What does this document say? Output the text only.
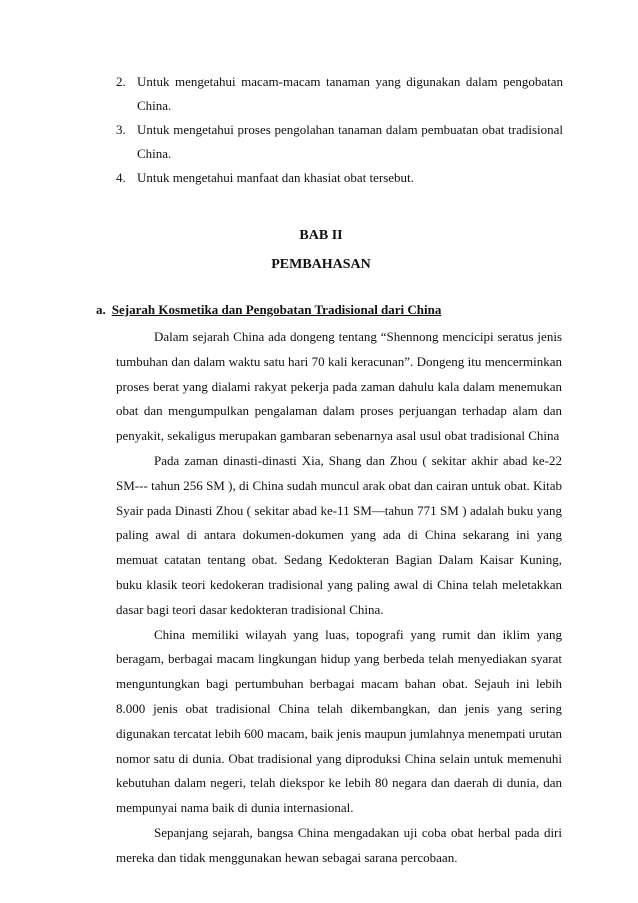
2. Untuk mengetahui macam-macam tanaman yang digunakan dalam pengobatan China.
3. Untuk mengetahui proses pengolahan tanaman dalam pembuatan obat tradisional China.
4. Untuk mengetahui manfaat dan khasiat obat tersebut.
BAB II
PEMBAHASAN
a. Sejarah Kosmetika dan Pengobatan Tradisional dari China

Dalam sejarah China ada dongeng tentang “Shennong mencicipi seratus jenis tumbuhan dan dalam waktu satu hari 70 kali keracunan”. Dongeng itu mencerminkan proses berat yang dialami rakyat pekerja pada zaman dahulu kala dalam menemukan obat dan mengumpulkan pengalaman dalam proses perjuangan terhadap alam dan penyakit, sekaligus merupakan gambaran sebenarnya asal usul obat tradisional China

Pada zaman dinasti-dinasti Xia, Shang dan Zhou ( sekitar akhir abad ke-22 SM--- tahun 256 SM ), di China sudah muncul arak obat dan cairan untuk obat. Kitab Syair pada Dinasti Zhou ( sekitar abad ke-11 SM—tahun 771 SM ) adalah buku yang paling awal di antara dokumen-dokumen yang ada di China sekarang ini yang memuat catatan tentang obat. Sedang Kedokteran Bagian Dalam Kaisar Kuning, buku klasik teori kedokeran tradisional yang paling awal di China telah meletakkan dasar bagi teori dasar kedokteran tradisional China.

China memiliki wilayah yang luas, topografi yang rumit dan iklim yang beragam, berbagai macam lingkungan hidup yang berbeda telah menyediakan syarat menguntungkan bagi pertumbuhan berbagai macam bahan obat. Sejauh ini lebih 8.000 jenis obat tradisional China telah dikembangkan, dan jenis yang sering digunakan tercatat lebih 600 macam, baik jenis maupun jumlahnya menempati urutan nomor satu di dunia. Obat tradisional yang diproduksi China selain untuk memenuhi kebutuhan dalam negeri, telah diekspor ke lebih 80 negara dan daerah di dunia, dan mempunyai nama baik di dunia internasional.

Sepanjang sejarah, bangsa China mengadakan uji coba obat herbal pada diri mereka dan tidak menggunakan hewan sebagai sarana percobaan.
